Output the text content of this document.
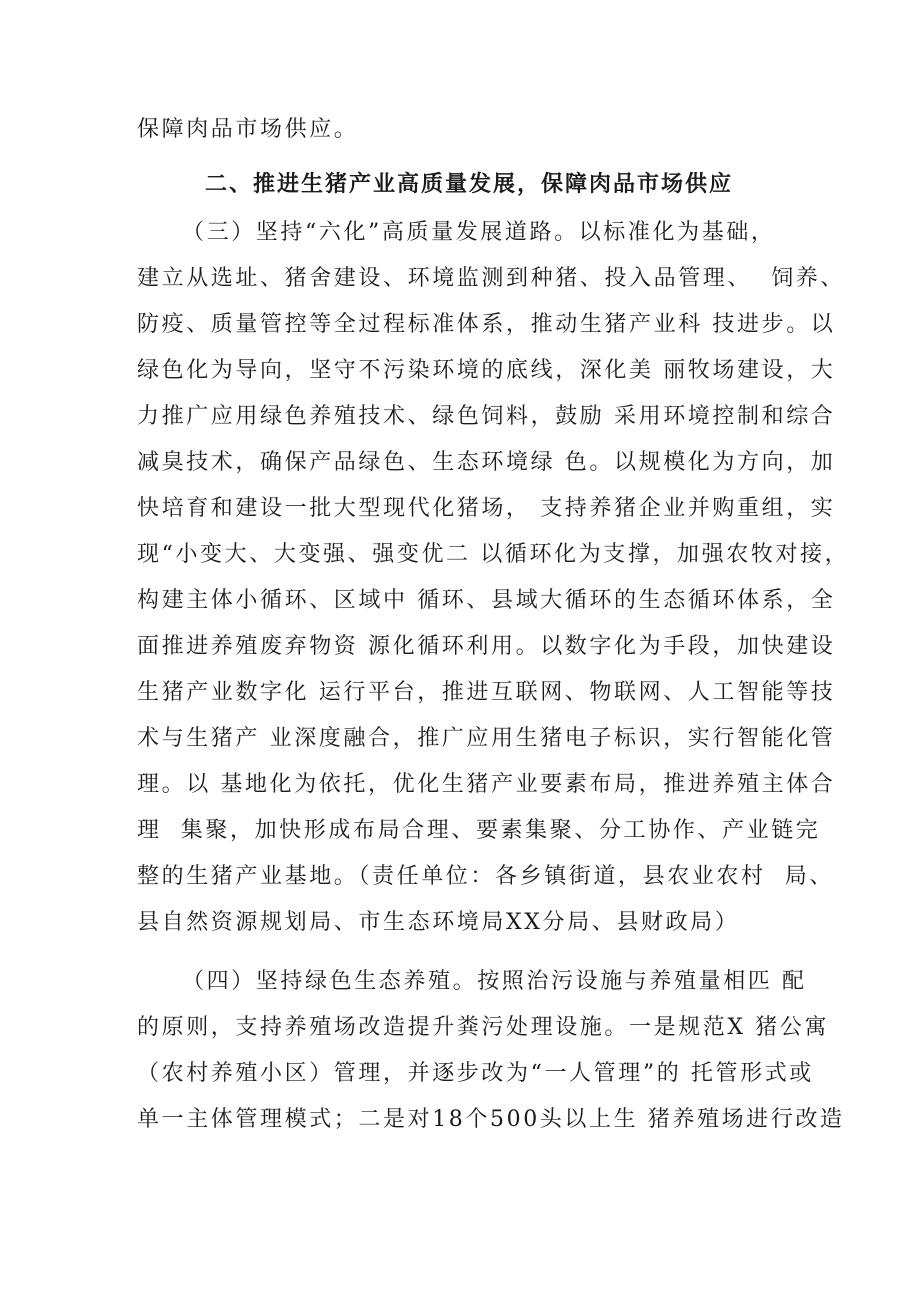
保障肉品市场供应。
二、推进生猪产业高质量发展，保障肉品市场供应
（三）坚持“六化”高质量发展道路。以标准化为基础，
建立从选址、猪舍建设、环境监测到种猪、投入品管理、  饲养、
防疫、质量管控等全过程标准体系，推动生猪产业科 技进步。以
绿色化为导向，坚守不污染环境的底线，深化美 丽牧场建设，大
力推广应用绿色养殖技术、绿色饲料，鼓励 采用环境控制和综合
减臭技术，确保产品绿色、生态环境绿 色。以规模化为方向，加
快培育和建设一批大型现代化猪场， 支持养猪企业并购重组，实
现“小变大、大变强、强变优二 以循环化为支撑，加强农牧对接，
构建主体小循环、区域中 循环、县域大循环的生态循环体系，全
面推进养殖废弃物资 源化循环利用。以数字化为手段，加快建设
生猪产业数字化 运行平台，推进互联网、物联网、人工智能等技
术与生猪产 业深度融合，推广应用生猪电子标识，实行智能化管
理。以 基地化为依托，优化生猪产业要素布局，推进养殖主体合
理  集聚，加快形成布局合理、要素集聚、分工协作、产业链完
整的生猪产业基地。（责任单位：各乡镇街道，县农业农村  局、
县自然资源规划局、市生态环境局XX分局、县财政局）
（四）坚持绿色生态养殖。按照治污设施与养殖量相匹 配
的原则，支持养殖场改造提升粪污处理设施。一是规范X 猪公寓
（农村养殖小区）管理，并逐步改为“一人管理”的 托管形式或
单一主体管理模式；二是对18个500头以上生 猪养殖场进行改造
